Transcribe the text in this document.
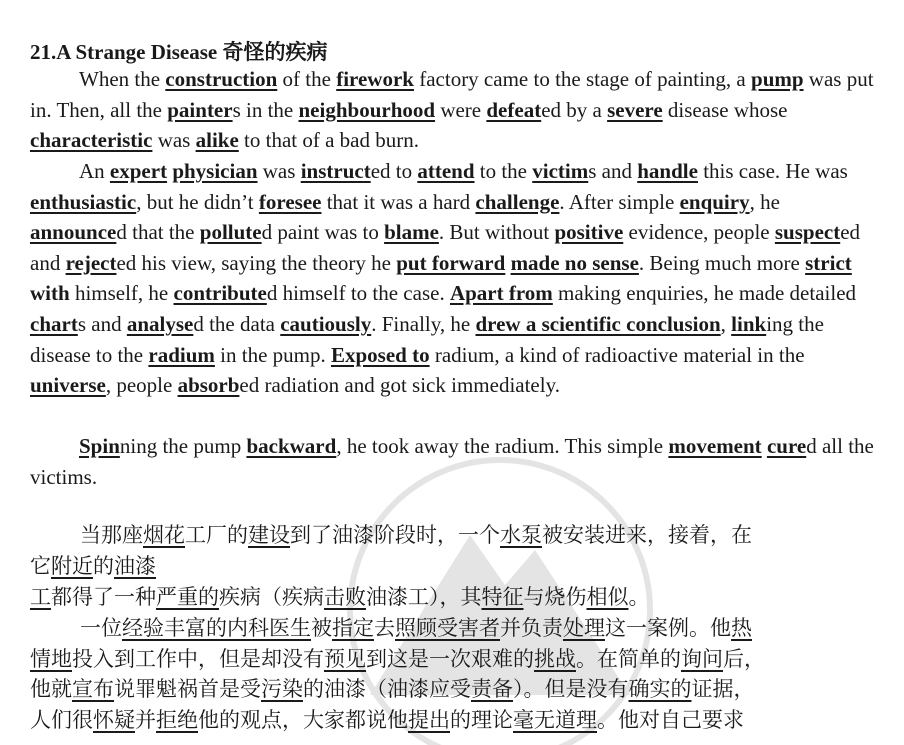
21.A Strange Disease 奇怪的疾病
When the construction of the firework factory came to the stage of painting, a pump was put in. Then, all the painters in the neighbourhood were defeated by a severe disease whose characteristic was alike to that of a bad burn.
An expert physician was instructed to attend to the victims and handle this case. He was enthusiastic, but he didn’t foresee that it was a hard challenge. After simple enquiry, he announced that the polluted paint was to blame. But without positive evidence, people suspected and rejected his view, saying the theory he put forward made no sense. Being much more strict with himself, he contributed himself to the case. Apart from making enquiries, he made detailed charts and analysed the data cautiously. Finally, he drew a scientific conclusion, linking the disease to the radium in the pump. Exposed to radium, a kind of radioactive material in the universe, people absorbed radiation and got sick immediately.
Spinning the pump backward, he took away the radium. This simple movement cured all the victims.
当那座烟花工厂的建设到了油漆阶段时，一个水泵被安装进来，接着，在
它附近的油漆
工都得了一种严重的疾病（疾病击败油漆工），其特征与烧伤相似。
一位经验丰富的内科医生被指定去照顾受害者并负责处理这一案例。他热
情地投入到工作中，但是却没有预见到这是一次艰难的挑战。在简单的询问后，
他就宣布说罪魁祸首是受污染的油漆（油漆应受责备）。但是没有确实的证据，
人们很怀疑并拒绝他的观点，大家都说他提出的理论毫无道理。他对自己要求
